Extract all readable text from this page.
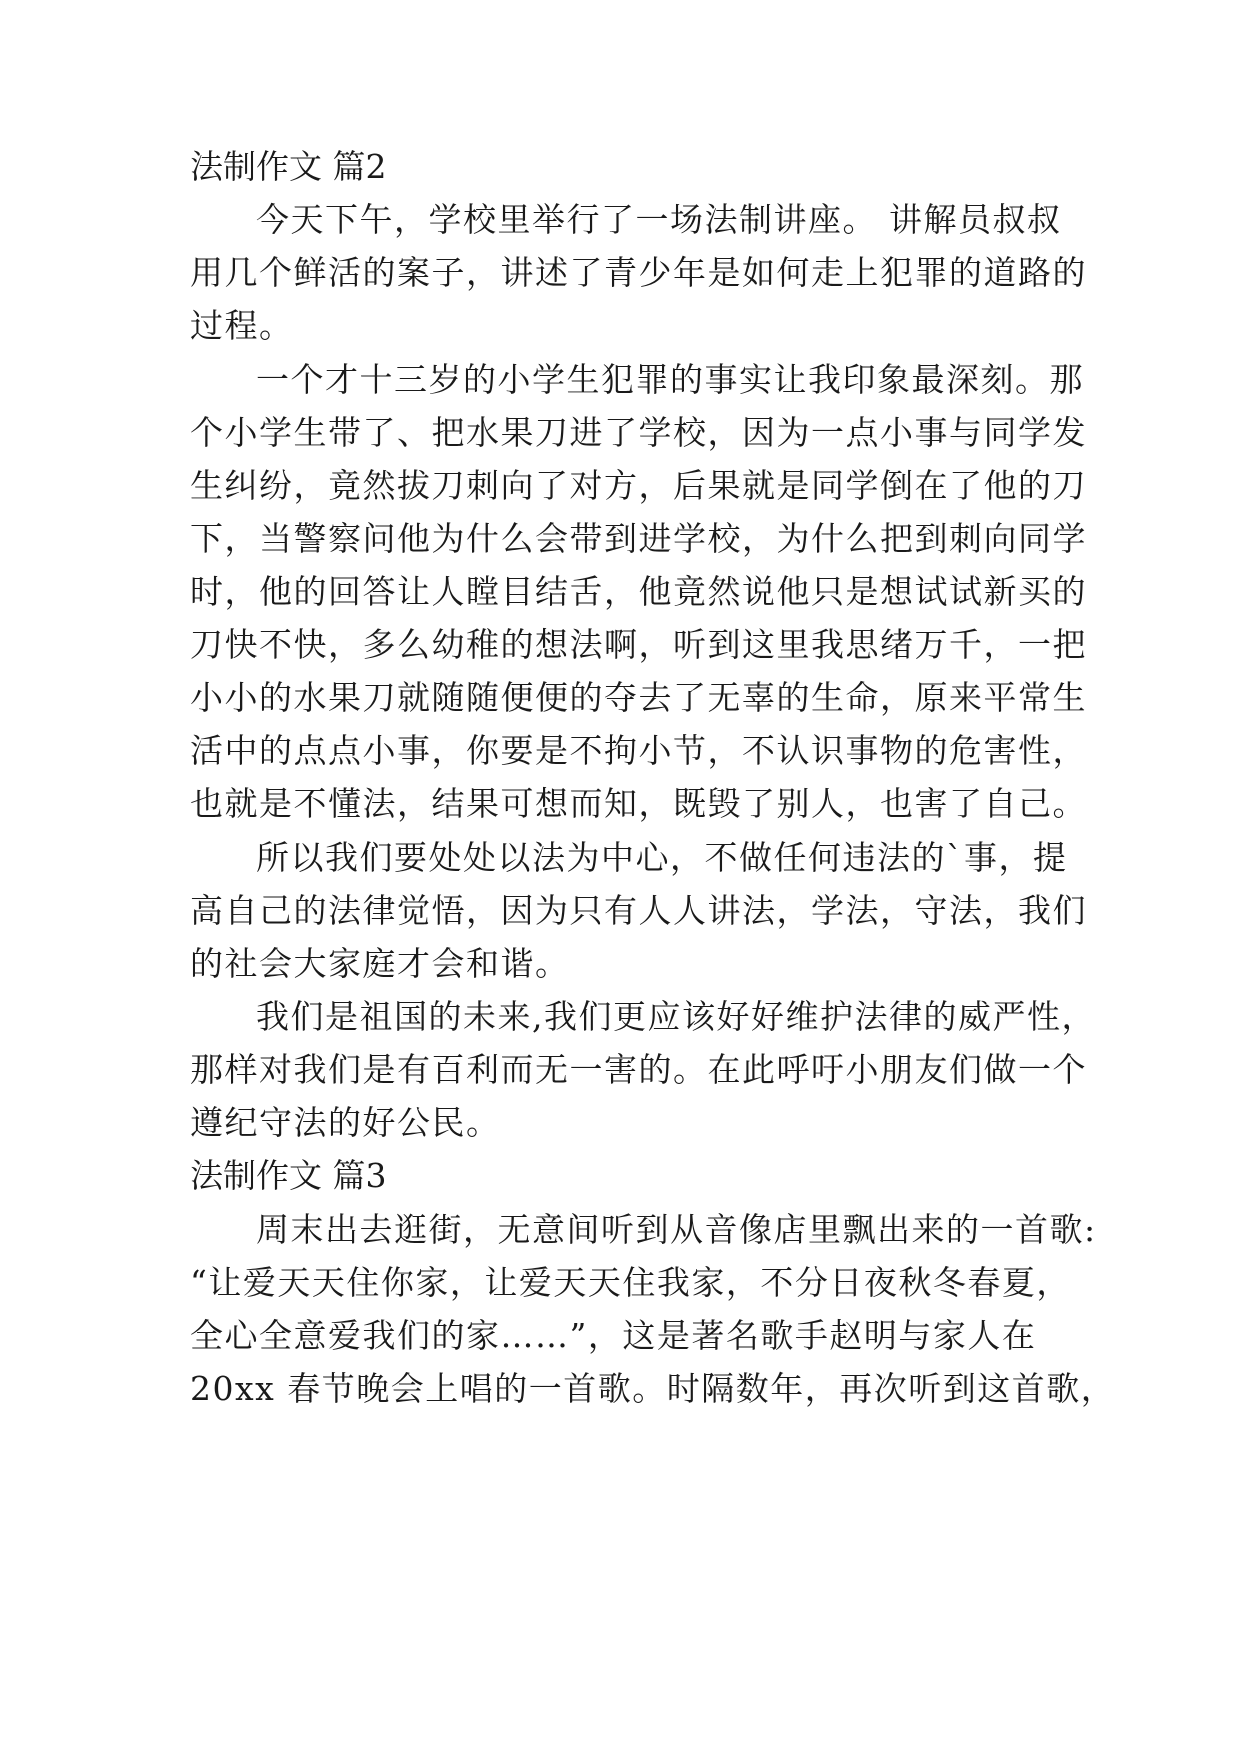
法制作文 篇2
今天下午，学校里举行了一场法制讲座。 讲解员叔叔
用几个鲜活的案子，讲述了青少年是如何走上犯罪的道路的
过程。
一个才十三岁的小学生犯罪的事实让我印象最深刻。那
个小学生带了、把水果刀进了学校，因为一点小事与同学发
生纠纷，竟然拔刀刺向了对方，后果就是同学倒在了他的刀
下，当警察问他为什么会带到进学校，为什么把到刺向同学
时，他的回答让人瞠目结舌，他竟然说他只是想试试新买的
刀快不快，多么幼稚的想法啊，听到这里我思绪万千，一把
小小的水果刀就随随便便的夺去了无辜的生命，原来平常生
活中的点点小事，你要是不拘小节，不认识事物的危害性，
也就是不懂法，结果可想而知，既毁了别人，也害了自己。
所以我们要处处以法为中心，不做任何违法的`事，提
高自己的法律觉悟，因为只有人人讲法，学法，守法，我们
的社会大家庭才会和谐。
我们是祖国的未来,我们更应该好好维护法律的威严性，
那样对我们是有百利而无一害的。在此呼吁小朋友们做一个
遵纪守法的好公民。
法制作文 篇3
周末出去逛街，无意间听到从音像店里飘出来的一首歌:
“让爱天天住你家，让爱天天住我家，不分日夜秋冬春夏，
全心全意爱我们的家……”，这是著名歌手赵明与家人在
20xx 春节晚会上唱的一首歌。时隔数年，再次听到这首歌，
